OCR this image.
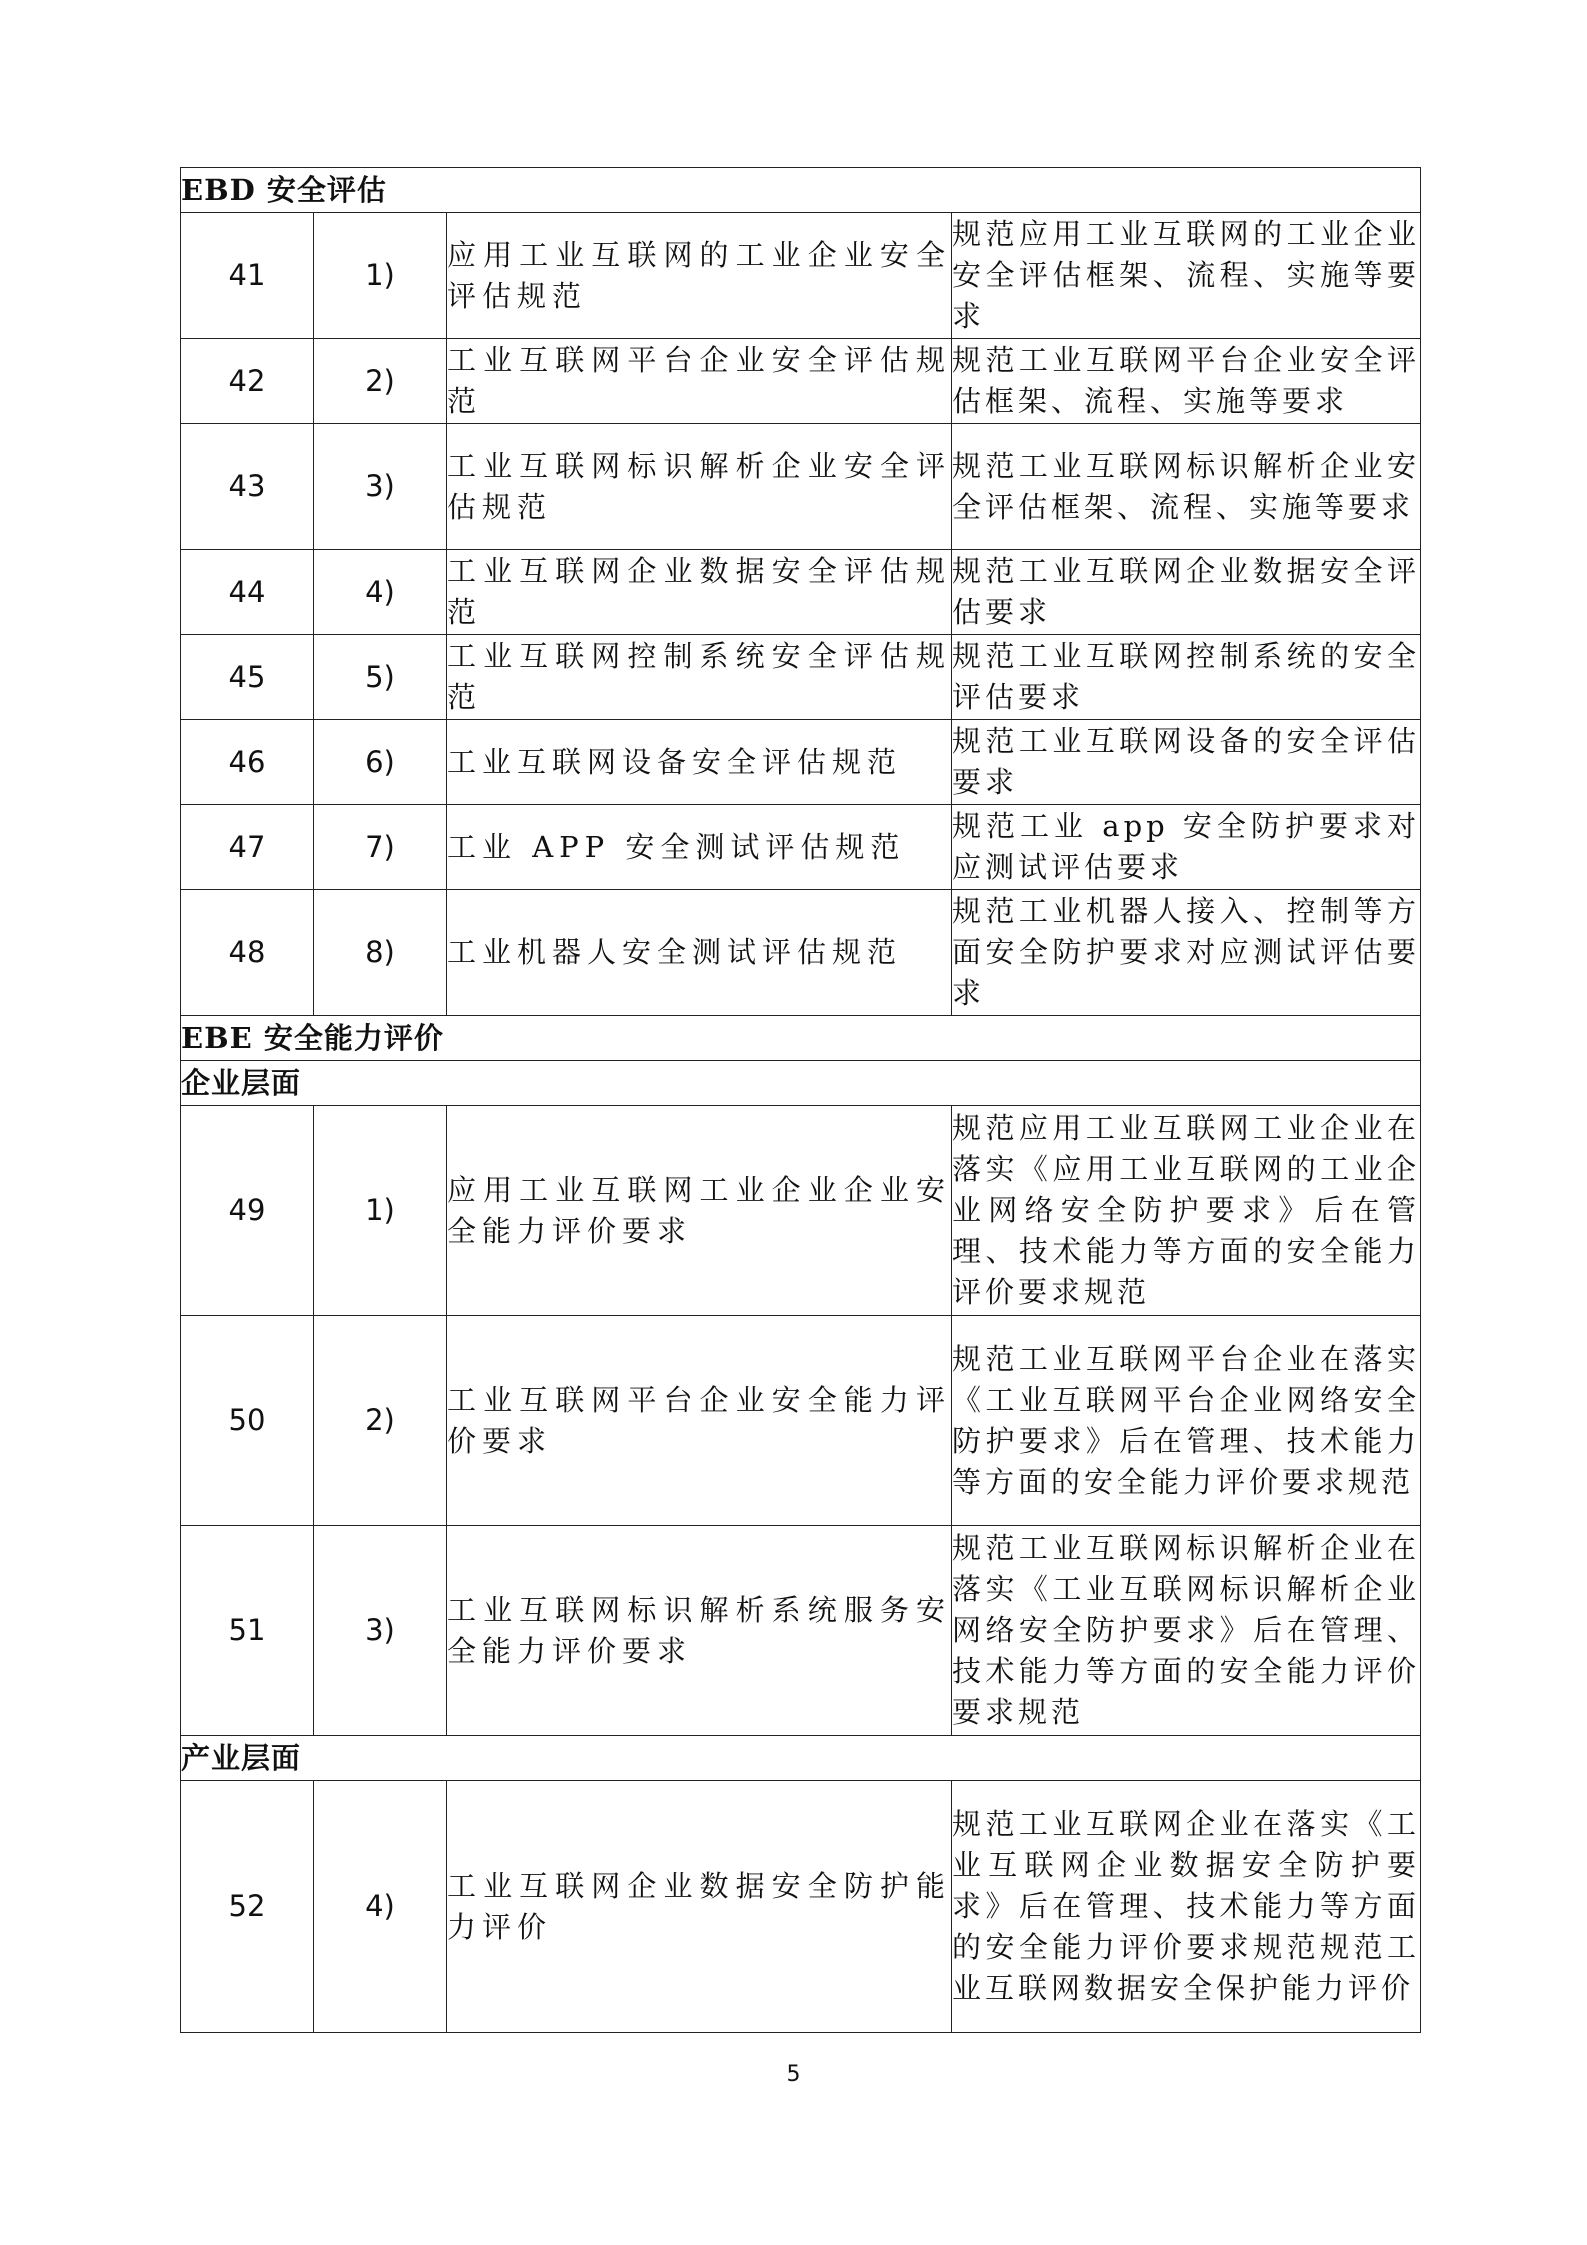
EBD 安全评估			
41	1)	应用工业互联网的工业企业安全评估规范	规范应用工业互联网的工业企业安全评估框架、流程、实施等要求
42	2)	工业互联网平台企业安全评估规范	规范工业互联网平台企业安全评估框架、流程、实施等要求
43	3)	工业互联网标识解析企业安全评估规范	规范工业互联网标识解析企业安全评估框架、流程、实施等要求
44	4)	工业互联网企业数据安全评估规范	规范工业互联网企业数据安全评估要求
45	5)	工业互联网控制系统安全评估规范	规范工业互联网控制系统的安全评估要求
46	6)	工业互联网设备安全评估规范	规范工业互联网设备的安全评估要求
47	7)	工业 APP 安全测试评估规范	规范工业 app 安全防护要求对应测试评估要求
48	8)	工业机器人安全测试评估规范	规范工业机器人接入、控制等方面安全防护要求对应测试评估要求
EBE 安全能力评价			
企业层面			
49	1)	应用工业互联网工业企业企业安全能力评价要求	规范应用工业互联网工业企业在落实《应用工业互联网的工业企业网络安全防护要求》后在管理、技术能力等方面的安全能力评价要求规范
50	2)	工业互联网平台企业安全能力评价要求	规范工业互联网平台企业在落实《工业互联网平台企业网络安全防护要求》后在管理、技术能力等方面的安全能力评价要求规范
51	3)	工业互联网标识解析系统服务安全能力评价要求	规范工业互联网标识解析企业在落实《工业互联网标识解析企业网络安全防护要求》后在管理、技术能力等方面的安全能力评价要求规范
产业层面			
52	4)	工业互联网企业数据安全防护能力评价	规范工业互联网企业在落实《工业互联网企业数据安全防护要求》后在管理、技术能力等方面的安全能力评价要求规范规范工业互联网数据安全保护能力评价
5
